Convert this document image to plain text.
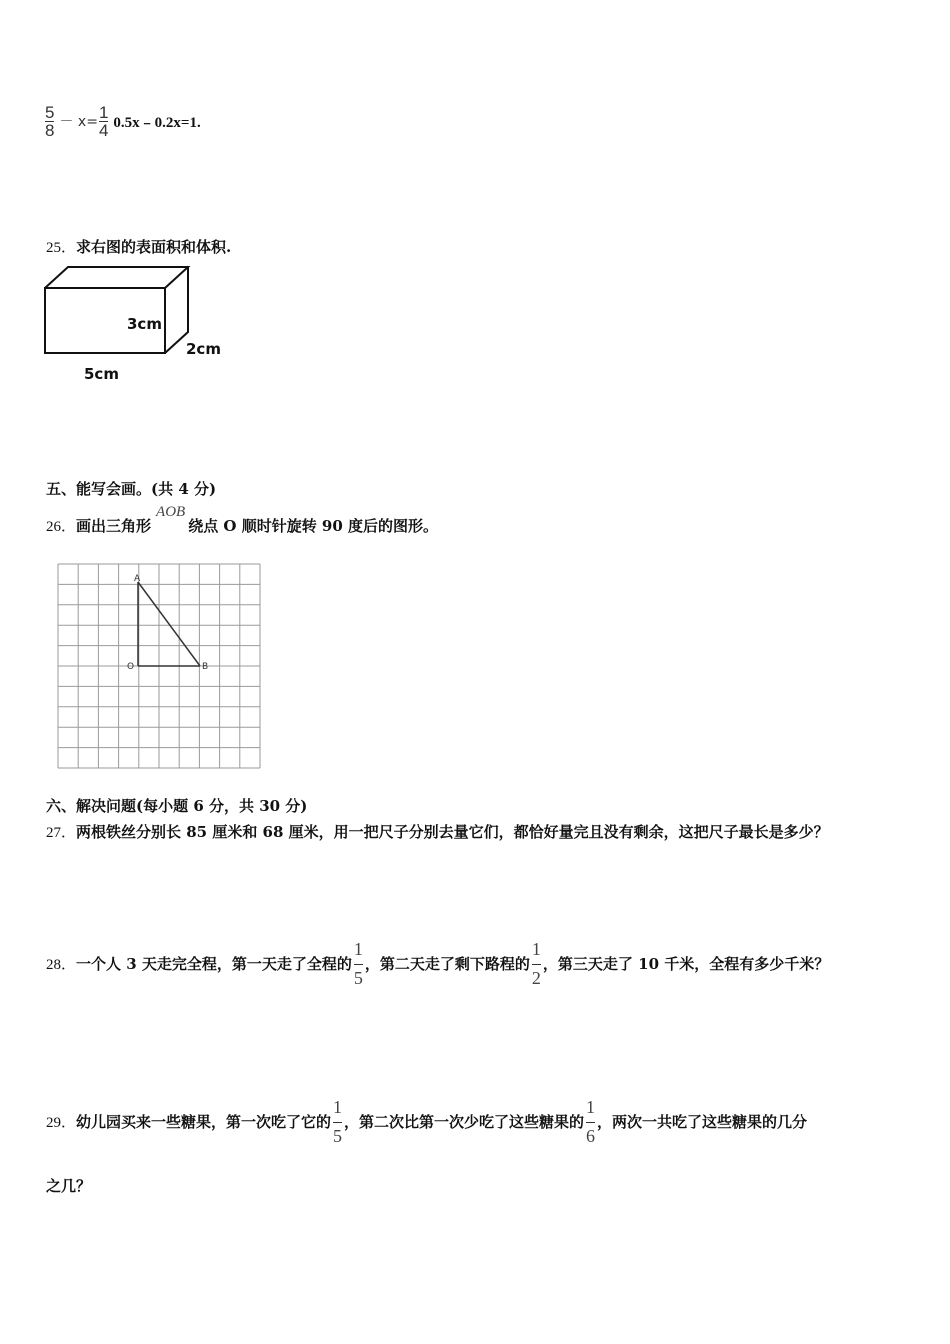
$\frac{5}{8} - x= \frac{1}{4}$ 0.5x﹣0.2x=1.
25．求右图的表面积和体积.
3cm
2cm
5cm
五、能写会画。(共 4 分)
26．画出三角形AOB绕点 O 顺时针旋转 90 度后的图形。
A
O	B
六、解决问题(每小题 6 分，共 30 分)
27．两根铁丝分别长 85 厘米和 68 厘米，用一把尺子分别去量它们，都恰好量完且没有剩余，这把尺子最长是多少？
28． 一个人 3 天走完全程，第一天走了全程的 $\frac{1}{5}$ ，第二天走了剩下路程的 $\frac{1}{2}$ ，第三天走了 10 千米，全程有多少千米？
29． 幼儿园买来一些糖果，第一次吃了它的 $\frac{1}{5}$ ，第二次比第一次少吃了这些糖果的 $\frac{1}{6}$ ，两次一共吃了这些糖果的几分
之几？
